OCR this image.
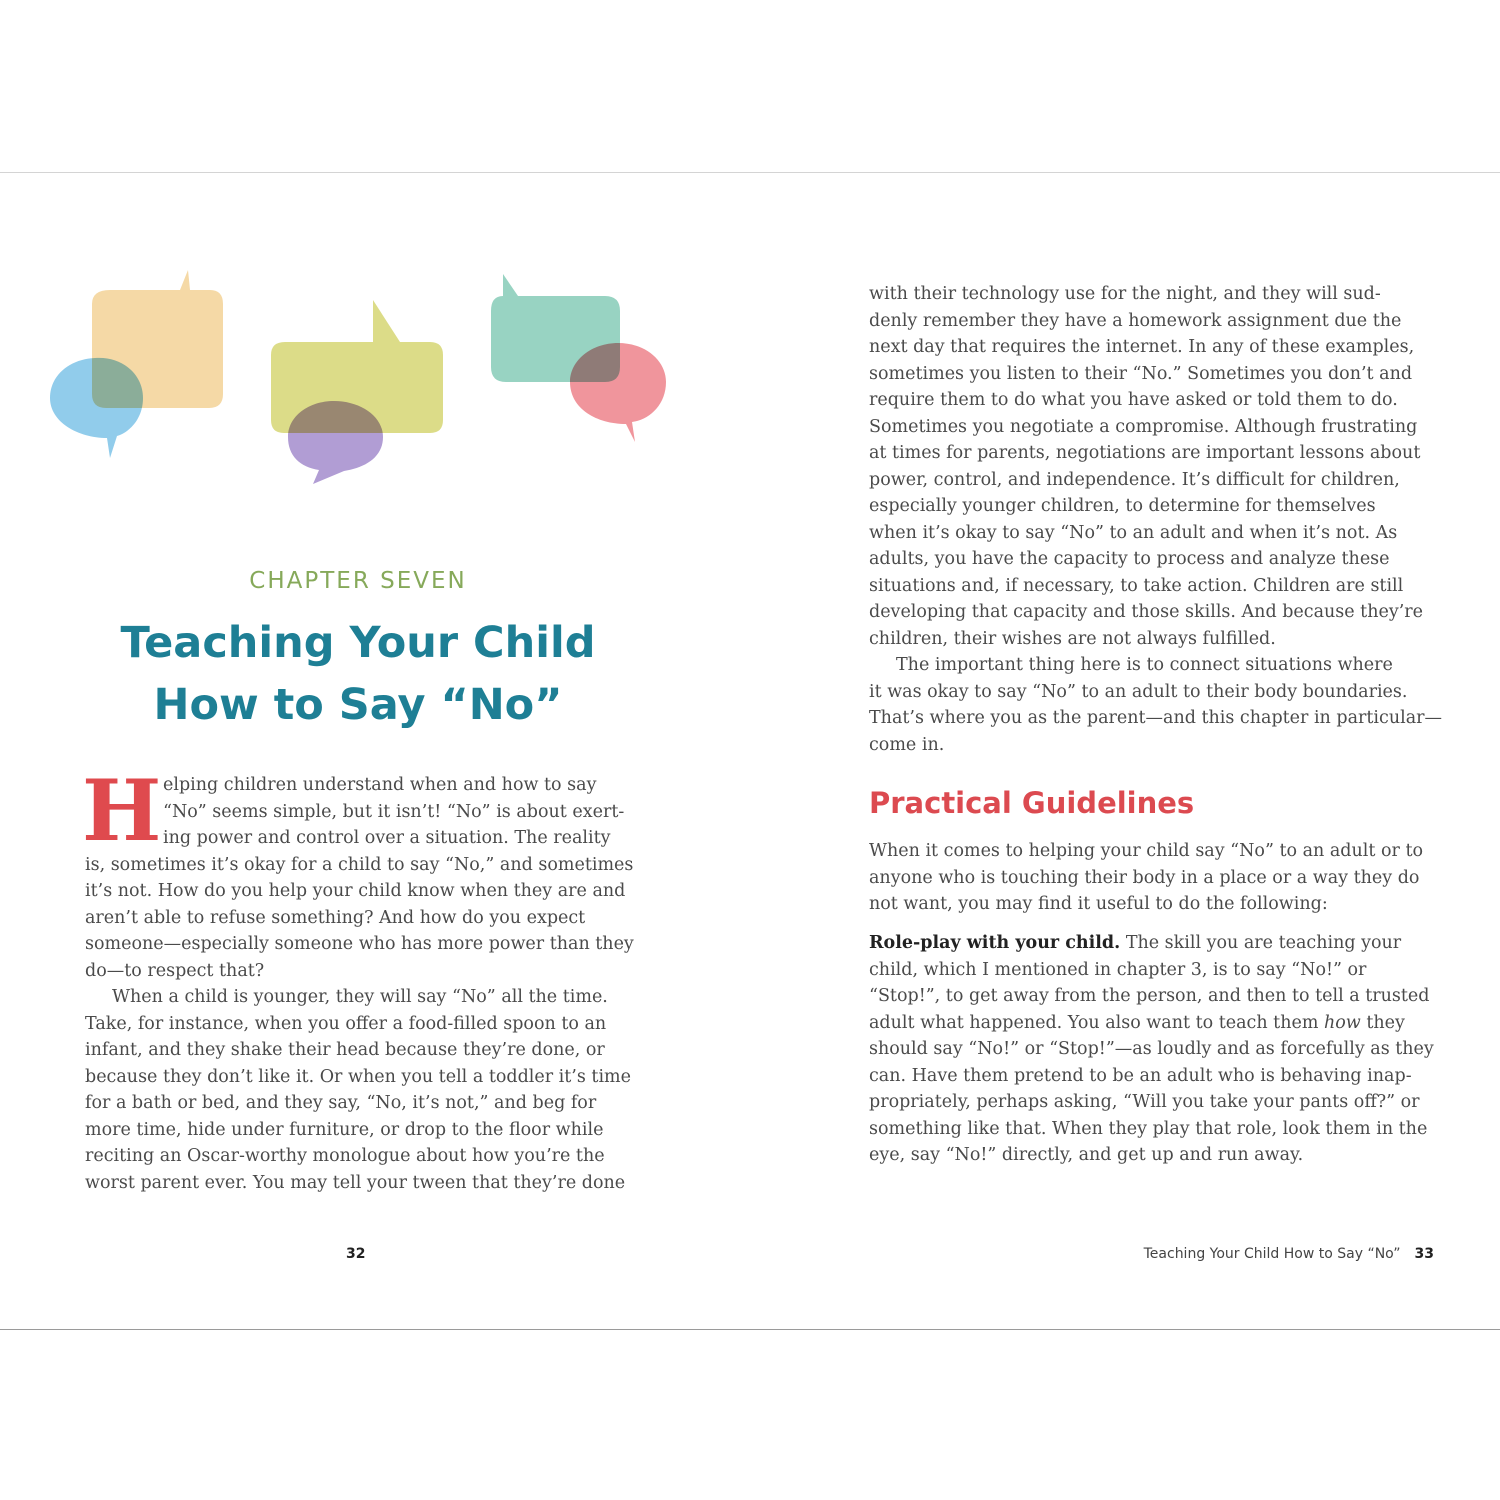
CHAPTER SEVEN

Teaching Your Child
How to Say “No”
H elping children understand when and how to say

“No” seems simple, but it isn’t! “No” is about exert-

ing power and control over a situation. The reality

is, sometimes it’s okay for a child to say “No,” and sometimes

it’s not. How do you help your child know when they are and

aren’t able to refuse something? And how do you expect

someone—especially someone who has more power than they

do—to respect that?

When a child is younger, they will say “No” all the time.

Take, for instance, when you offer a food-filled spoon to an

infant, and they shake their head because they’re done, or

because they don’t like it. Or when you tell a toddler it’s time

for a bath or bed, and they say, “No, it’s not,” and beg for

more time, hide under furniture, or drop to the floor while

reciting an Oscar-worthy monologue about how you’re the

worst parent ever. You may tell your tween that they’re done

with their technology use for the night, and they will sud-

denly remember they have a homework assignment due the

next day that requires the internet. In any of these examples,

sometimes you listen to their “No.” Sometimes you don’t and

require them to do what you have asked or told them to do.

Sometimes you negotiate a compromise. Although frustrating

at times for parents, negotiations are important lessons about

power, control, and independence. It’s difficult for children,

especially younger children, to determine for themselves

when it’s okay to say “No” to an adult and when it’s not. As

adults, you have the capacity to process and analyze these

situations and, if necessary, to take action. Children are still

developing that capacity and those skills. And because they’re

children, their wishes are not always fulfilled.

The important thing here is to connect situations where

it was okay to say “No” to an adult to their body boundaries.

That’s where you as the parent—and this chapter in particular—

come in.

Practical Guidelines

When it comes to helping your child say “No” to an adult or to

anyone who is touching their body in a place or a way they do

not want, you may find it useful to do the following:

Role-play with your child. The skill you are teaching your

child, which I mentioned in chapter 3, is to say “No!” or

“Stop!”, to get away from the person, and then to tell a trusted

adult what happened. You also want to teach them how they

should say “No!” or “Stop!”—as loudly and as forcefully as they

can. Have them pretend to be an adult who is behaving inap-

propriately, perhaps asking, “Will you take your pants off?” or

something like that. When they play that role, look them in the

eye, say “No!” directly, and get up and run away.

32	Teaching Your Child How to Say “No” 33
